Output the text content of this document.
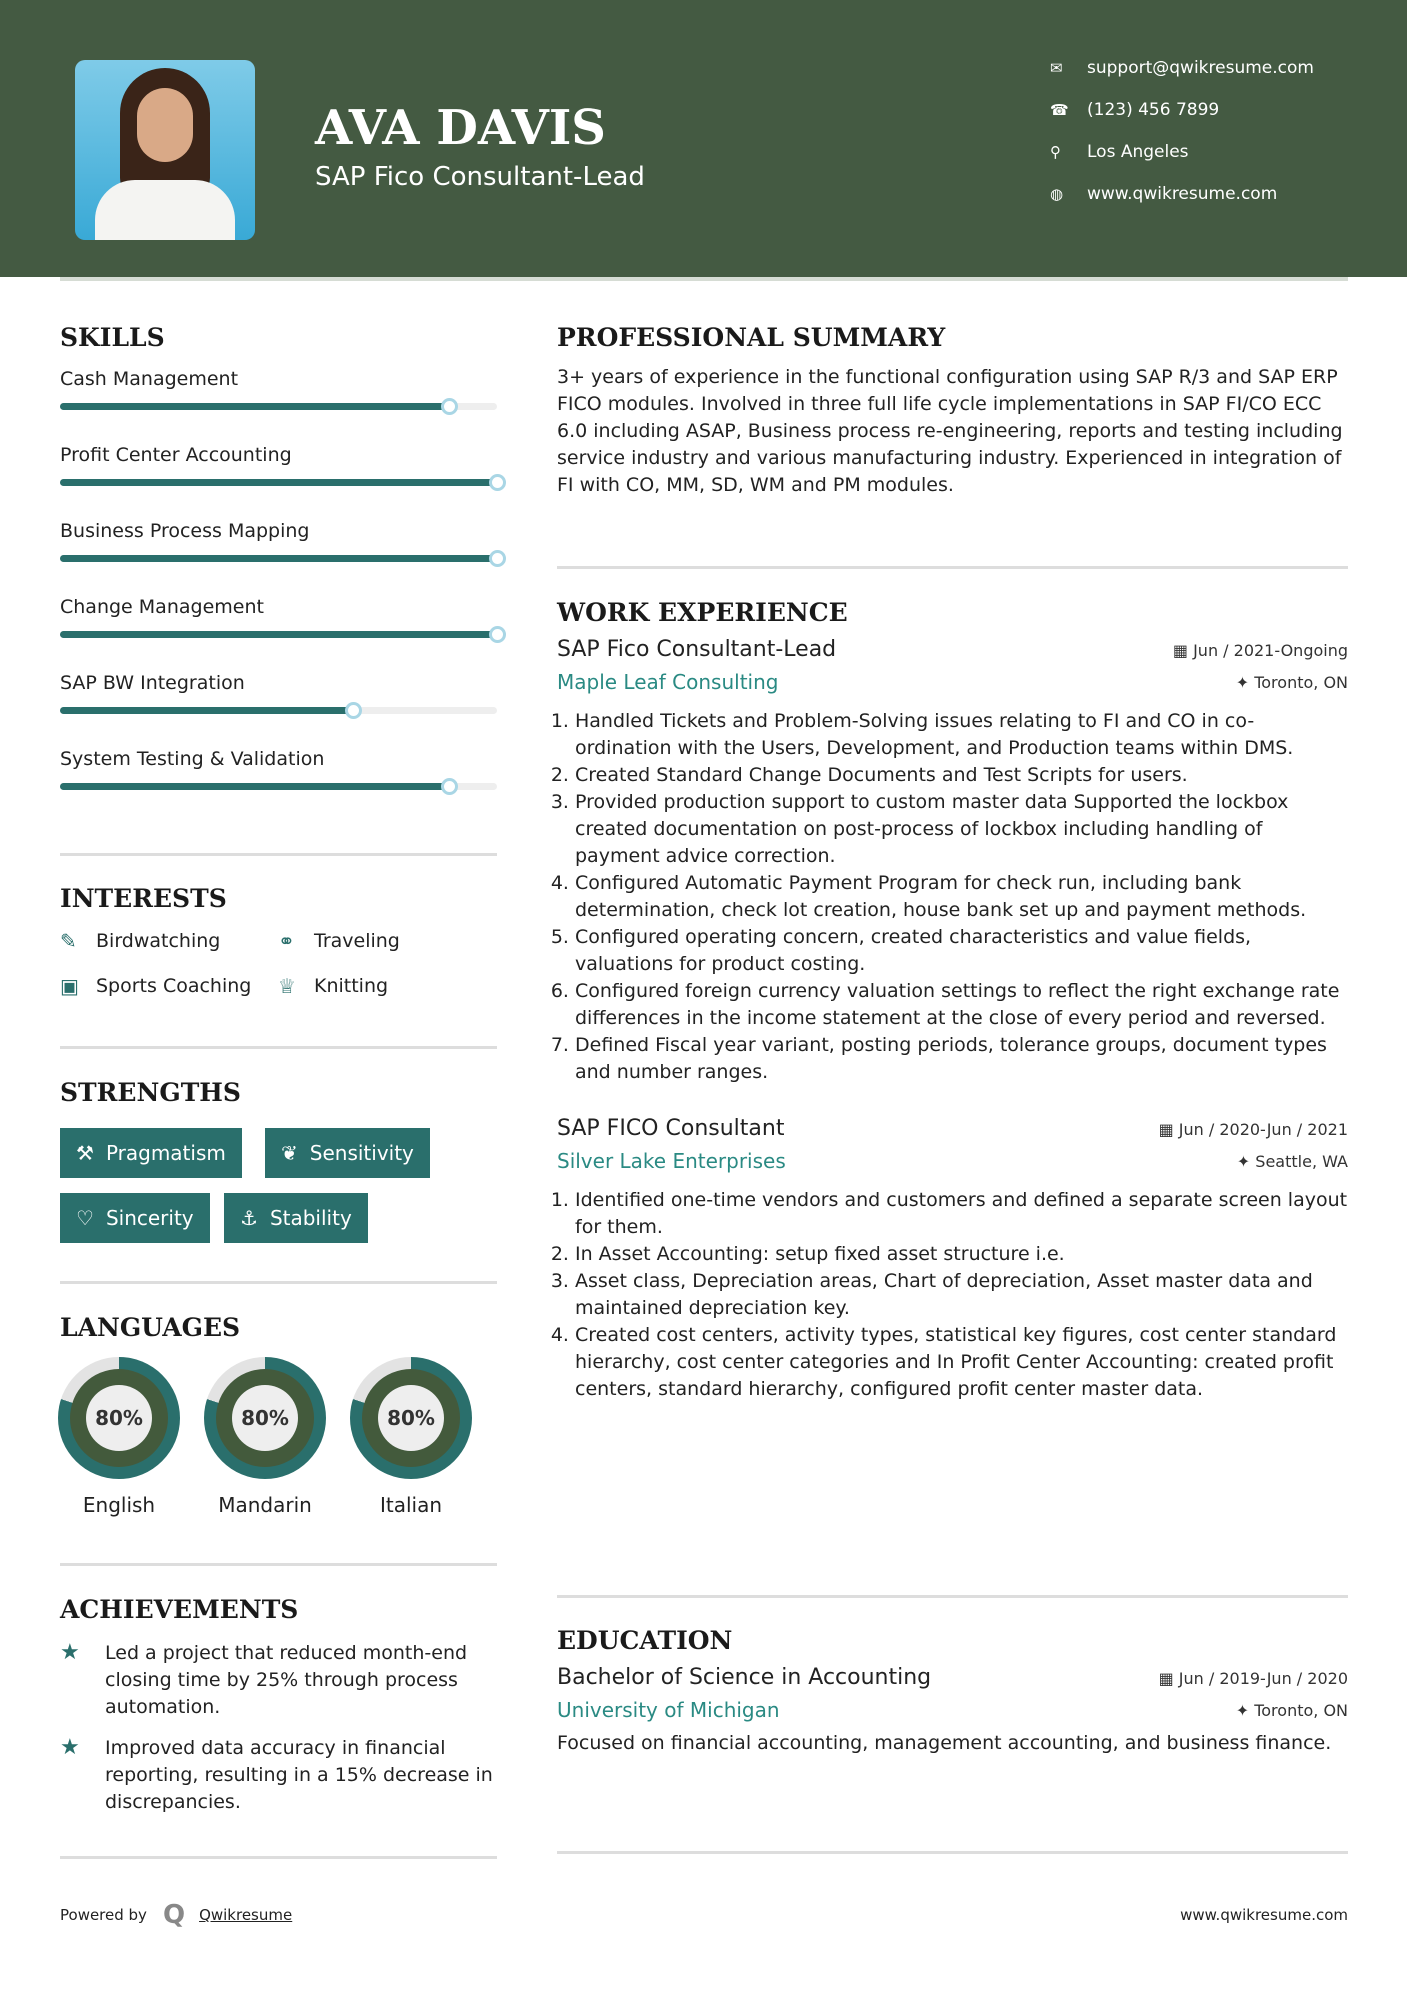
AVA DAVIS
SAP Fico Consultant-Lead
✉	support@qwikresume.com
☎	(123) 456 7899
⚲	Los Angeles
◍	www.qwikresume.com
SKILLS
Cash Management
Profit Center Accounting
Business Process Mapping
Change Management
SAP BW Integration
System Testing & Validation
INTERESTS
✎	Birdwatching	⚭	Traveling
▣ Sports Coaching ♕ Knitting
STRENGTHS
⚒ Pragmatism	❦ Sensitivity
♡ Sincerity ⚓ Stability
LANGUAGES
80%
English
80%
Mandarin
80%
Italian
ACHIEVEMENTS
★	Led a project that reduced month-end closing time by 25% through process automation.
★	Improved data accuracy in financial reporting, resulting in a 15% decrease in discrepancies.
PROFESSIONAL SUMMARY
3+ years of experience in the functional configuration using SAP R/3 and SAP ERP FICO modules. Involved in three full life cycle implementations in SAP FI/CO ECC 6.0 including ASAP, Business process re-engineering, reports and testing including service industry and various manufacturing industry. Experienced in integration of FI with CO, MM, SD, WM and PM modules.
WORK EXPERIENCE
SAP Fico Consultant-Lead	▦ Jun / 2021-Ongoing
Maple Leaf Consulting	✦ Toronto, ON
1. Handled Tickets and Problem-Solving issues relating to FI and CO in co-ordination with the Users, Development, and Production teams within DMS.
2. Created Standard Change Documents and Test Scripts for users.
3. Provided production support to custom master data Supported the lockbox created documentation on post-process of lockbox including handling of payment advice correction.
4. Configured Automatic Payment Program for check run, including bank determination, check lot creation, house bank set up and payment methods.
5. Configured operating concern, created characteristics and value fields, valuations for product costing.
6. Configured foreign currency valuation settings to reflect the right exchange rate differences in the income statement at the close of every period and reversed.
7. Defined Fiscal year variant, posting periods, tolerance groups, document types and number ranges.
SAP FICO Consultant	▦ Jun / 2020-Jun / 2021
Silver Lake Enterprises	✦ Seattle, WA
1. Identified one-time vendors and customers and defined a separate screen layout for them.
2. In Asset Accounting: setup fixed asset structure i.e.
3. Asset class, Depreciation areas, Chart of depreciation, Asset master data and maintained depreciation key.
4. Created cost centers, activity types, statistical key figures, cost center standard hierarchy, cost center categories and In Profit Center Accounting: created profit centers, standard hierarchy, configured profit center master data.
EDUCATION
Bachelor of Science in Accounting	▦ Jun / 2019-Jun / 2020
University of Michigan	✦ Toronto, ON
Focused on financial accounting, management accounting, and business finance.
Powered by Q Qwikresume	www.qwikresume.com
